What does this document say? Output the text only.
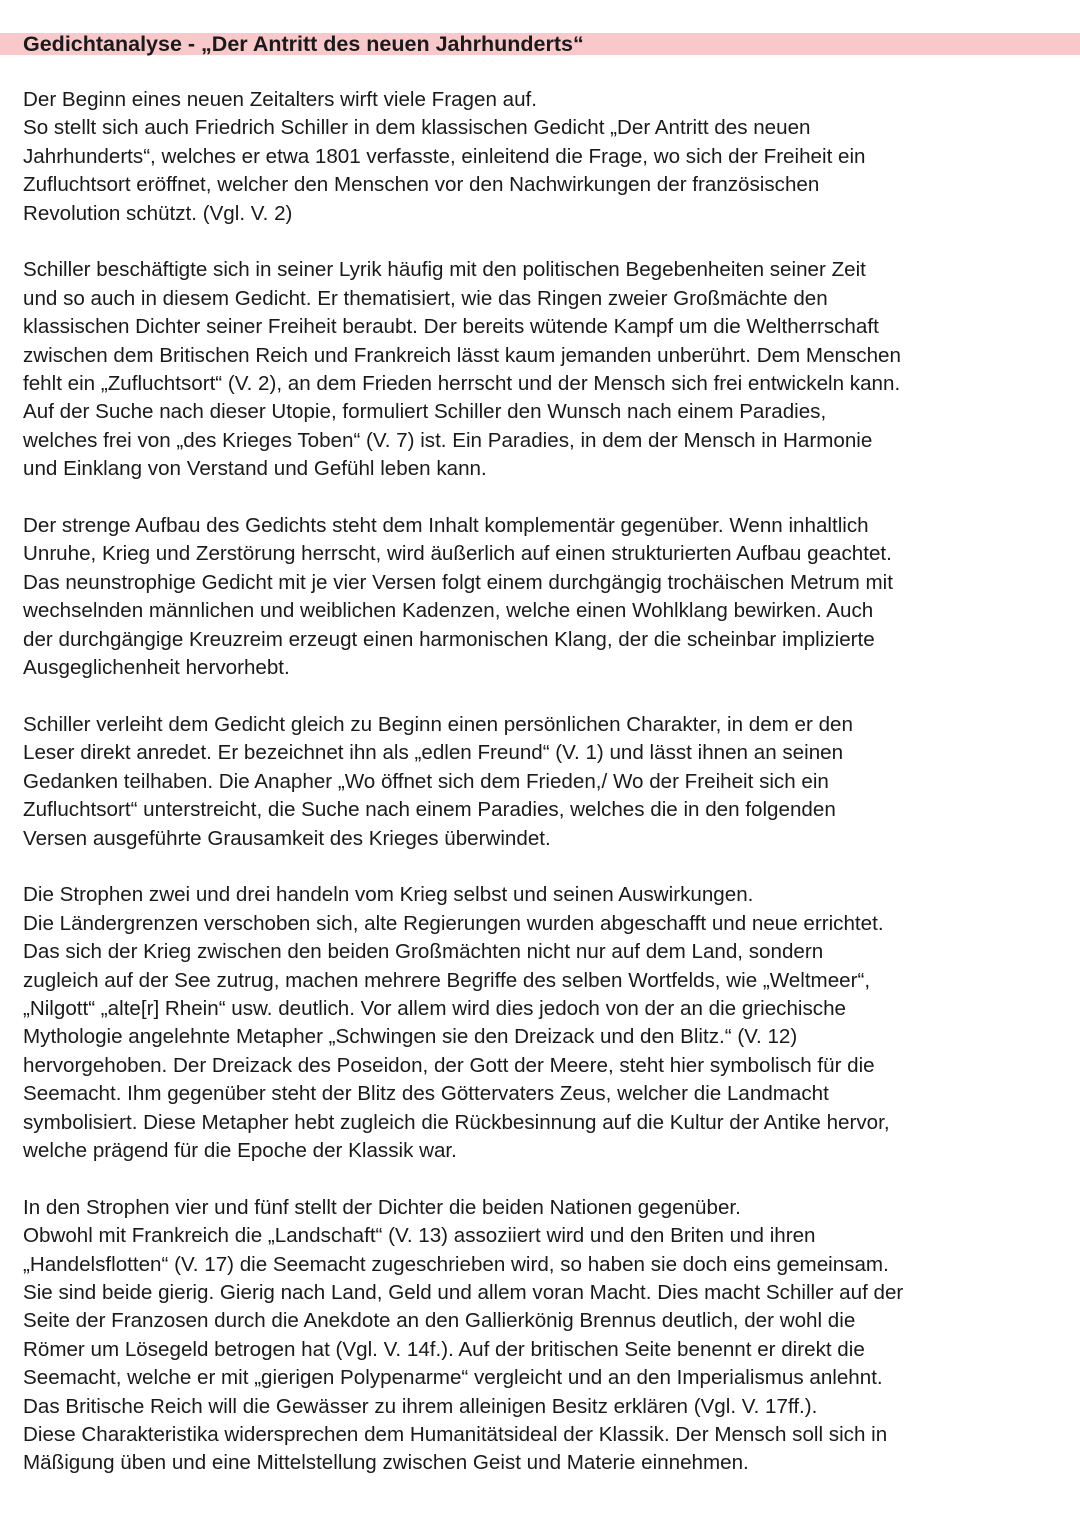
Gedichtanalyse - „Der Antritt des neuen Jahrhunderts“

Der Beginn eines neuen Zeitalters wirft viele Fragen auf.
So stellt sich auch Friedrich Schiller in dem klassischen Gedicht „Der Antritt des neuen
Jahrhunderts“, welches er etwa 1801 verfasste, einleitend die Frage, wo sich der Freiheit ein
Zufluchtsort eröffnet, welcher den Menschen vor den Nachwirkungen der französischen
Revolution schützt. (Vgl. V. 2)

Schiller beschäftigte sich in seiner Lyrik häufig mit den politischen Begebenheiten seiner Zeit
und so auch in diesem Gedicht. Er thematisiert, wie das Ringen zweier Großmächte den
klassischen Dichter seiner Freiheit beraubt. Der bereits wütende Kampf um die Weltherrschaft
zwischen dem Britischen Reich und Frankreich lässt kaum jemanden unberührt. Dem Menschen
fehlt ein „Zufluchtsort“ (V. 2), an dem Frieden herrscht und der Mensch sich frei entwickeln kann.
Auf der Suche nach dieser Utopie, formuliert Schiller den Wunsch nach einem Paradies,
welches frei von „des Krieges Toben“ (V. 7) ist. Ein Paradies, in dem der Mensch in Harmonie
und Einklang von Verstand und Gefühl leben kann.

Der strenge Aufbau des Gedichts steht dem Inhalt komplementär gegenüber. Wenn inhaltlich
Unruhe, Krieg und Zerstörung herrscht, wird äußerlich auf einen strukturierten Aufbau geachtet.
Das neunstrophige Gedicht mit je vier Versen folgt einem durchgängig trochäischen Metrum mit
wechselnden männlichen und weiblichen Kadenzen, welche einen Wohlklang bewirken. Auch
der durchgängige Kreuzreim erzeugt einen harmonischen Klang, der die scheinbar implizierte
Ausgeglichenheit hervorhebt.

Schiller verleiht dem Gedicht gleich zu Beginn einen persönlichen Charakter, in dem er den
Leser direkt anredet. Er bezeichnet ihn als „edlen Freund“ (V. 1) und lässt ihnen an seinen
Gedanken teilhaben. Die Anapher „Wo öffnet sich dem Frieden,/ Wo der Freiheit sich ein
Zufluchtsort“ unterstreicht, die Suche nach einem Paradies, welches die in den folgenden
Versen ausgeführte Grausamkeit des Krieges überwindet.

Die Strophen zwei und drei handeln vom Krieg selbst und seinen Auswirkungen.
Die Ländergrenzen verschoben sich, alte Regierungen wurden abgeschafft und neue errichtet.
Das sich der Krieg zwischen den beiden Großmächten nicht nur auf dem Land, sondern
zugleich auf der See zutrug, machen mehrere Begriffe des selben Wortfelds, wie „Weltmeer“,
„Nilgott“ „alte[r] Rhein“ usw. deutlich. Vor allem wird dies jedoch von der an die griechische
Mythologie angelehnte Metapher „Schwingen sie den Dreizack und den Blitz.“ (V. 12)
hervorgehoben. Der Dreizack des Poseidon, der Gott der Meere, steht hier symbolisch für die
Seemacht. Ihm gegenüber steht der Blitz des Göttervaters Zeus, welcher die Landmacht
symbolisiert. Diese Metapher hebt zugleich die Rückbesinnung auf die Kultur der Antike hervor,
welche prägend für die Epoche der Klassik war.

In den Strophen vier und fünf stellt der Dichter die beiden Nationen gegenüber.
Obwohl mit Frankreich die „Landschaft“ (V. 13) assoziiert wird und den Briten und ihren
„Handelsflotten“ (V. 17) die Seemacht zugeschrieben wird, so haben sie doch eins gemeinsam.
Sie sind beide gierig. Gierig nach Land, Geld und allem voran Macht. Dies macht Schiller auf der
Seite der Franzosen durch die Anekdote an den Gallierkönig Brennus deutlich, der wohl die
Römer um Lösegeld betrogen hat (Vgl. V. 14f.). Auf der britischen Seite benennt er direkt die
Seemacht, welche er mit „gierigen Polypenarme“ vergleicht und an den Imperialismus anlehnt.
Das Britische Reich will die Gewässer zu ihrem alleinigen Besitz erklären (Vgl. V. 17ff.).
Diese Charakteristika widersprechen dem Humanitätsideal der Klassik. Der Mensch soll sich in
Mäßigung üben und eine Mittelstellung zwischen Geist und Materie einnehmen.
